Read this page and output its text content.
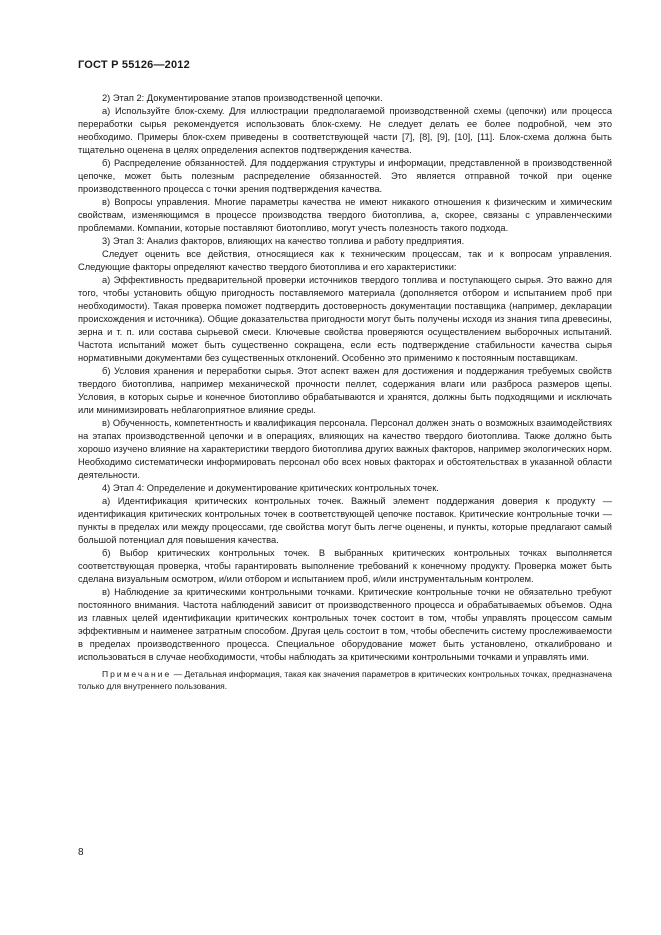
ГОСТ Р 55126—2012

2) Этап 2: Документирование этапов производственной цепочки.

а) Используйте блок-схему. Для иллюстрации предполагаемой производственной схемы (цепочки) или процесса переработки сырья рекомендуется использовать блок-схему. Не следует делать ее более подробной, чем это необходимо. Примеры блок-схем приведены в соответствующей части [7], [8], [9], [10], [11]. Блок-схема должна быть тщательно оценена в целях определения аспектов подтверждения качества.

б) Распределение обязанностей. Для поддержания структуры и информации, представленной в производственной цепочке, может быть полезным распределение обязанностей. Это является отправной точкой при оценке производственного процесса с точки зрения подтверждения качества.

в) Вопросы управления. Многие параметры качества не имеют никакого отношения к физическим и химическим свойствам, изменяющимся в процессе производства твердого биотоплива, а, скорее, связаны с управленческими проблемами. Компании, которые поставляют биотопливо, могут учесть полезность такого подхода.

3) Этап 3: Анализ факторов, влияющих на качество топлива и работу предприятия.

Следует оценить все действия, относящиеся как к техническим процессам, так и к вопросам управления. Следующие факторы определяют качество твердого биотоплива и его характеристики:

а) Эффективность предварительной проверки источников твердого топлива и поступающего сырья. Это важно для того, чтобы установить общую пригодность поставляемого материала (дополняется отбором и испытанием проб при необходимости). Такая проверка поможет подтвердить достоверность документации поставщика (например, декларации происхождения и источника). Общие доказательства пригодности могут быть получены исходя из знания типа древесины, зерна и т. п. или состава сырьевой смеси. Ключевые свойства проверяются осуществлением выборочных испытаний. Частота испытаний может быть существенно сокращена, если есть подтверждение стабильности качества сырья нормативными документами без существенных отклонений. Особенно это применимо к постоянным поставщикам.

б) Условия хранения и переработки сырья. Этот аспект важен для достижения и поддержания требуемых свойств твердого биотоплива, например механической прочности пеллет, содержания влаги или разброса размеров щепы. Условия, в которых сырье и конечное биотопливо обрабатываются и хранятся, должны быть подходящими и исключать или минимизировать неблагоприятное влияние среды.

в) Обученность, компетентность и квалификация персонала. Персонал должен знать о возможных взаимодействиях на этапах производственной цепочки и в операциях, влияющих на качество твердого биотоплива. Также должно быть хорошо изучено влияние на характеристики твердого биотоплива других важных факторов, например экологических норм. Необходимо систематически информировать персонал обо всех новых факторах и обстоятельствах в указанной области деятельности.

4) Этап 4: Определение и документирование критических контрольных точек.

а) Идентификация критических контрольных точек. Важный элемент поддержания доверия к продукту — идентификация критических контрольных точек в соответствующей цепочке поставок. Критические контрольные точки — пункты в пределах или между процессами, где свойства могут быть легче оценены, и пункты, которые предлагают самый большой потенциал для повышения качества.

б) Выбор критических контрольных точек. В выбранных критических контрольных точках выполняется соответствующая проверка, чтобы гарантировать выполнение требований к конечному продукту. Проверка может быть сделана визуальным осмотром, и/или отбором и испытанием проб, и/или инструментальным контролем.

в) Наблюдение за критическими контрольными точками. Критические контрольные точки не обязательно требуют постоянного внимания. Частота наблюдений зависит от производственного процесса и обрабатываемых объемов. Одна из главных целей идентификации критических контрольных точек состоит в том, чтобы управлять процессом самым эффективным и наименее затратным способом. Другая цель состоит в том, чтобы обеспечить систему прослеживаемости в пределах производственного процесса. Специальное оборудование может быть установлено, откалибровано и использоваться в случае необходимости, чтобы наблюдать за критическими контрольными точками и управлять ими.

Примечание — Детальная информация, такая как значения параметров в критических контрольных точках, предназначена только для внутреннего пользования.

8
